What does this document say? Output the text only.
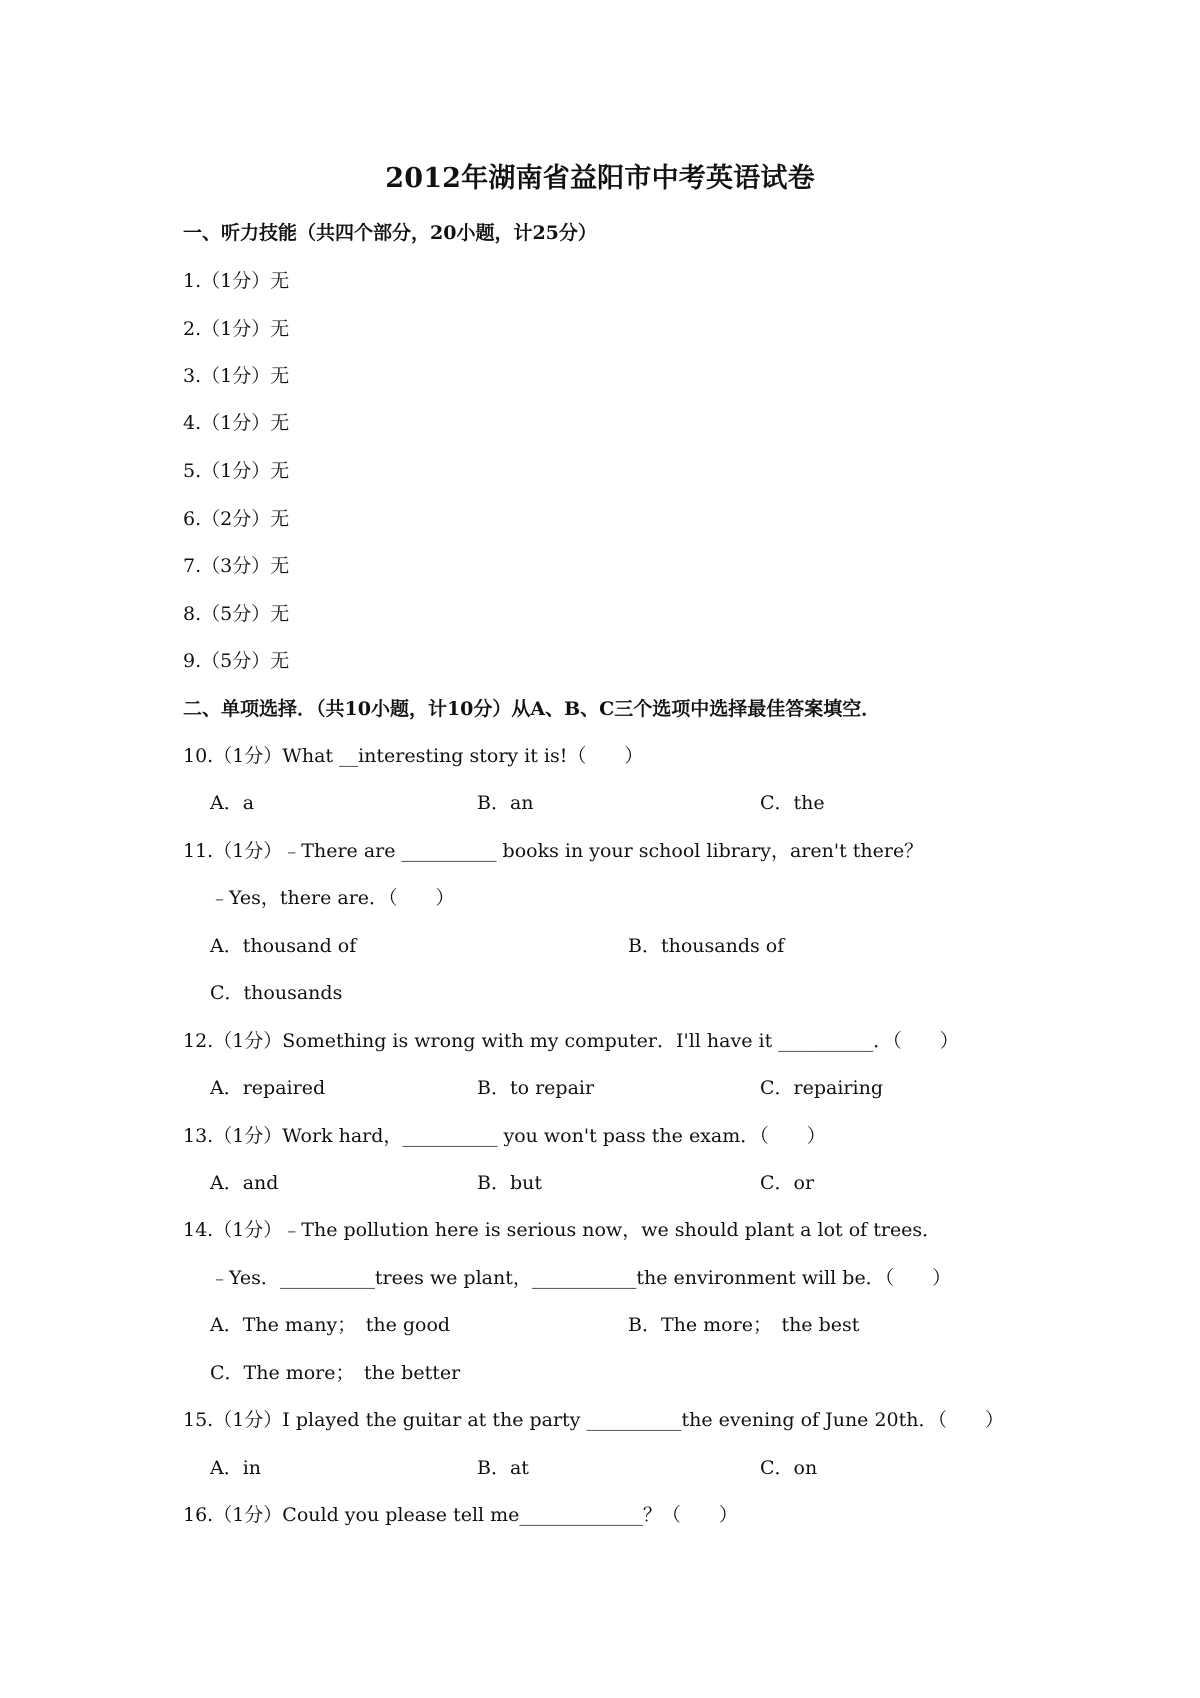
2012年湖南省益阳市中考英语试卷
一、听力技能（共四个部分，20小题，计25分）
1.（1分）无
2.（1分）无
3.（1分）无
4.（1分）无
5.（1分）无
6.（2分）无
7.（3分）无
8.（5分）无
9.（5分）无
二、单项选择．（共10小题，计10分）从A、B、C三个选项中选择最佳答案填空．
10.（1分）What __interesting story it is!（　　）
A．a	B．an	C．the
11.（1分）﹣There are __________ books in your school library，aren't there？
﹣Yes，there are．（　　）
A．thousand of	B．thousands of
C．thousands
12.（1分）Something is wrong with my computer．I'll have it __________．（　　）
A．repaired	B．to repair	C．repairing
13.（1分）Work hard，__________ you won't pass the exam．（　　）
A．and	B．but	C．or
14.（1分）﹣The pollution here is serious now，we should plant a lot of trees．
﹣Yes．__________trees we plant，___________the environment will be．（　　）
A．The many；　the good	B．The more；　the best
C．The more；　the better
15.（1分）I played the guitar at the party __________the evening of June 20th．（　　）
A．in	B．at	C．on
16.（1分）Could you please tell me_____________？（　　）
